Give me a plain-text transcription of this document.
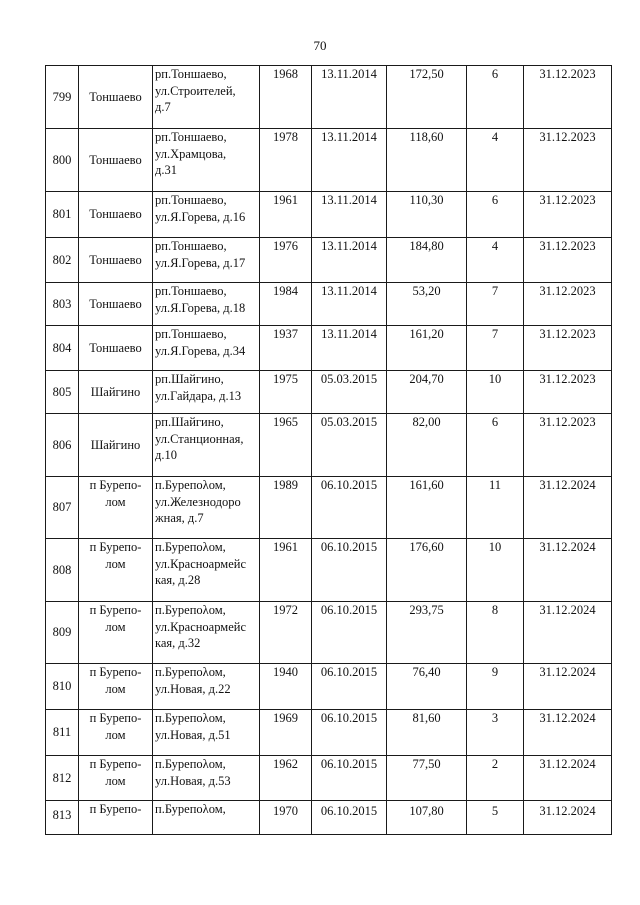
70
799	Тоншаево	рп.Тоншаево,
ул.Строителей,
д.7	1968	13.11.2014	172,50	6	31.12.2023
800	Тоншаево	рп.Тоншаево,
ул.Храмцова,
д.31	1978	13.11.2014	118,60	4	31.12.2023
801	Тоншаево	рп.Тоншаево,
ул.Я.Горева, д.16	1961	13.11.2014	110,30	6	31.12.2023
802	Тоншаево	рп.Тоншаево,
ул.Я.Горева, д.17	1976	13.11.2014	184,80	4	31.12.2023
803	Тоншаево	рп.Тоншаево,
ул.Я.Горева, д.18	1984	13.11.2014	53,20	7	31.12.2023
804	Тоншаево	рп.Тоншаево,
ул.Я.Горева, д.34	1937	13.11.2014	161,20	7	31.12.2023
805	Шайгино	рп.Шайгино,
ул.Гайдара, д.13	1975	05.03.2015	204,70	10	31.12.2023
806	Шайгино	рп.Шайгино,
ул.Станционная,
д.10	1965	05.03.2015	82,00	6	31.12.2023
807	п Бурепо-лом	п.Бурепολом,
ул.Железнодоро
жная, д.7	1989	06.10.2015	161,60	11	31.12.2024
808	п Бурепо-лом	п.Бурепολом,
ул.Красноармейс
кая, д.28	1961	06.10.2015	176,60	10	31.12.2024
809	п Бурепо-лом	п.Бурепολом,
ул.Красноармейс
кая, д.32	1972	06.10.2015	293,75	8	31.12.2024
810	п Бурепо-лом	п.Бурепολом,
ул.Новая, д.22	1940	06.10.2015	76,40	9	31.12.2024
811	п Бурепо-лом	п.Бурепολом,
ул.Новая, д.51	1969	06.10.2015	81,60	3	31.12.2024
812	п Бурепо-лом	п.Бурепολом,
ул.Новая, д.53	1962	06.10.2015	77,50	2	31.12.2024
813	п Бурепо-	п.Бурепολом,	1970	06.10.2015	107,80	5	31.12.2024
